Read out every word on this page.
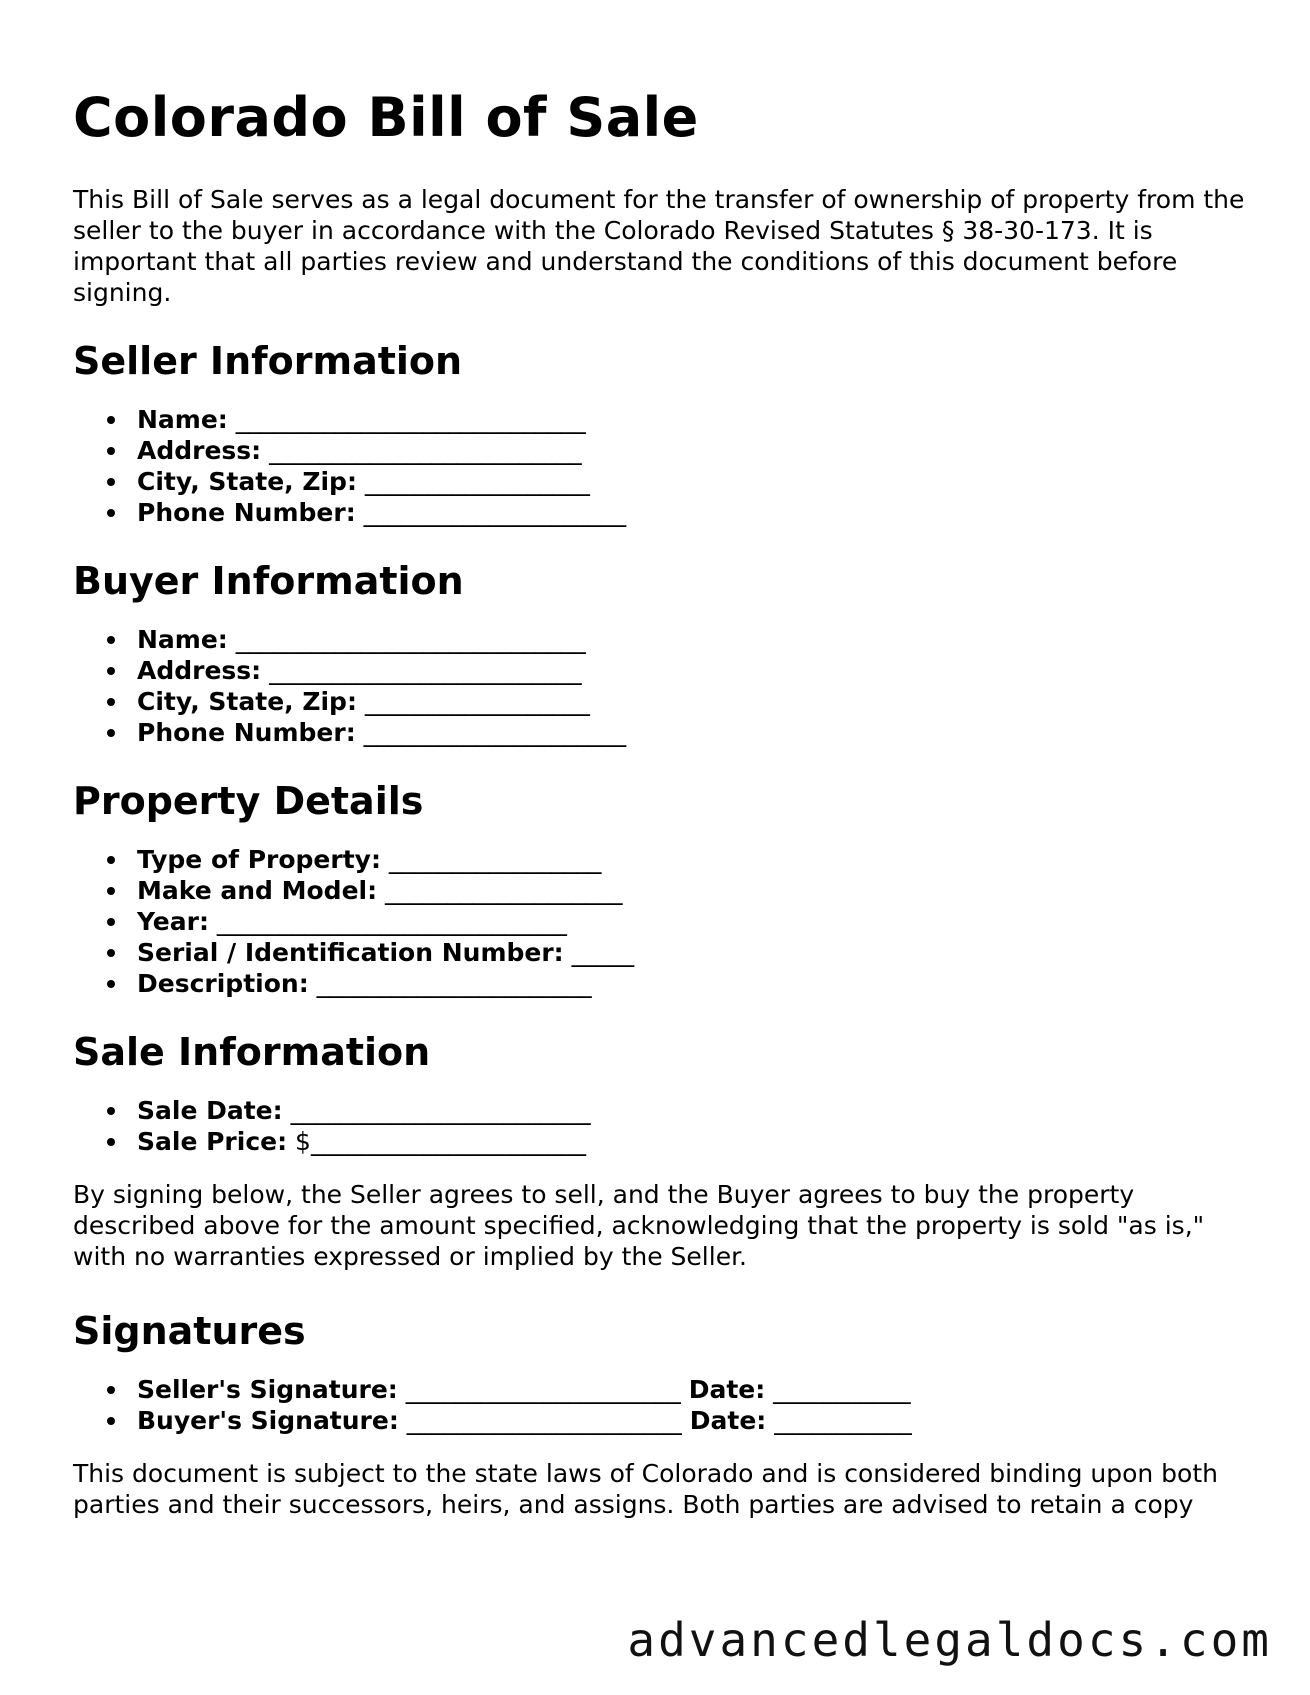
Colorado Bill of Sale

This Bill of Sale serves as a legal document for the transfer of ownership of property from the seller to the buyer in accordance with the Colorado Revised Statutes § 38-30-173. It is important that all parties review and understand the conditions of this document before signing.

Seller Information
Name: ____________________________
Address: _________________________
City, State, Zip: __________________
Phone Number: _____________________
Buyer Information
Name: ____________________________
Address: _________________________
City, State, Zip: __________________
Phone Number: _____________________
Property Details
Type of Property: _________________
Make and Model: ___________________
Year: ____________________________
Serial / Identification Number: _____
Description: ______________________
Sale Information
Sale Date: ________________________
Sale Price: $______________________

By signing below, the Seller agrees to sell, and the Buyer agrees to buy the property described above for the amount specified, acknowledging that the property is sold "as is," with no warranties expressed or implied by the Seller.

Signatures
Seller's Signature: ______________________ Date: ___________
Buyer's Signature: ______________________ Date: ___________

This document is subject to the state laws of Colorado and is considered binding upon both parties and their successors, heirs, and assigns. Both parties are advised to retain a copy

advancedlegaldocs.com
